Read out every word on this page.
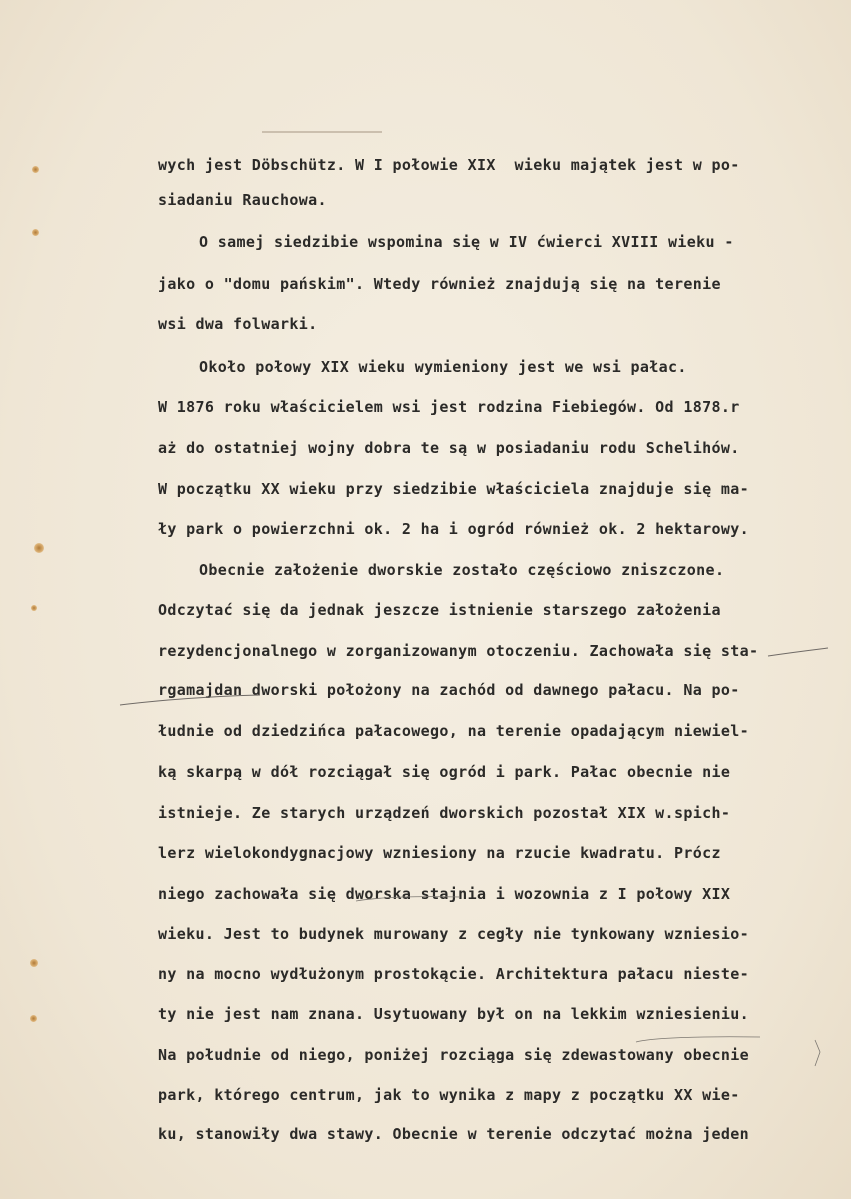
wych jest Döbschütz. W I połowie XIX  wieku majątek jest w po-
siadaniu Rauchowa.
O samej siedzibie wspomina się w IV ćwierci XVIII wieku -
jako o "domu pańskim". Wtedy również znajdują się na terenie
wsi dwa folwarki.
Około połowy XIX wieku wymieniony jest we wsi pałac.
W 1876 roku właścicielem wsi jest rodzina Fiebiegów. Od 1878.r
aż do ostatniej wojny dobra te są w posiadaniu rodu Schelihów.
W początku XX wieku przy siedzibie właściciela znajduje się ma-
ły park o powierzchni ok. 2 ha i ogród również ok. 2 hektarowy.
Obecnie założenie dworskie zostało częściowo zniszczone.
Odczytać się da jednak jeszcze istnienie starszego założenia
rezydencjonalnego w zorganizowanym otoczeniu. Zachowała się sta-
rgamajdan dworski położony na zachód od dawnego pałacu. Na po-
łudnie od dziedzińca pałacowego, na terenie opadającym niewiel-
ką skarpą w dół rozciągał się ogród i park. Pałac obecnie nie
istnieje. Ze starych urządzeń dworskich pozostał XIX w.spich-
lerz wielokondygnacjowy wzniesiony na rzucie kwadratu. Prócz
niego zachowała się dworska stajnia i wozownia z I połowy XIX
wieku. Jest to budynek murowany z cegły nie tynkowany wzniesio-
ny na mocno wydłużonym prostokącie. Architektura pałacu niestе-
ty nie jest nam znana. Usytuowany był on na lekkim wzniesieniu.
Na południe od niego, poniżej rozciąga się zdewastowany obecnie
park, którego centrum, jak to wynika z mapy z początku XX wie-
ku, stanowiły dwa stawy. Obecnie w terenie odczytać można jeden
